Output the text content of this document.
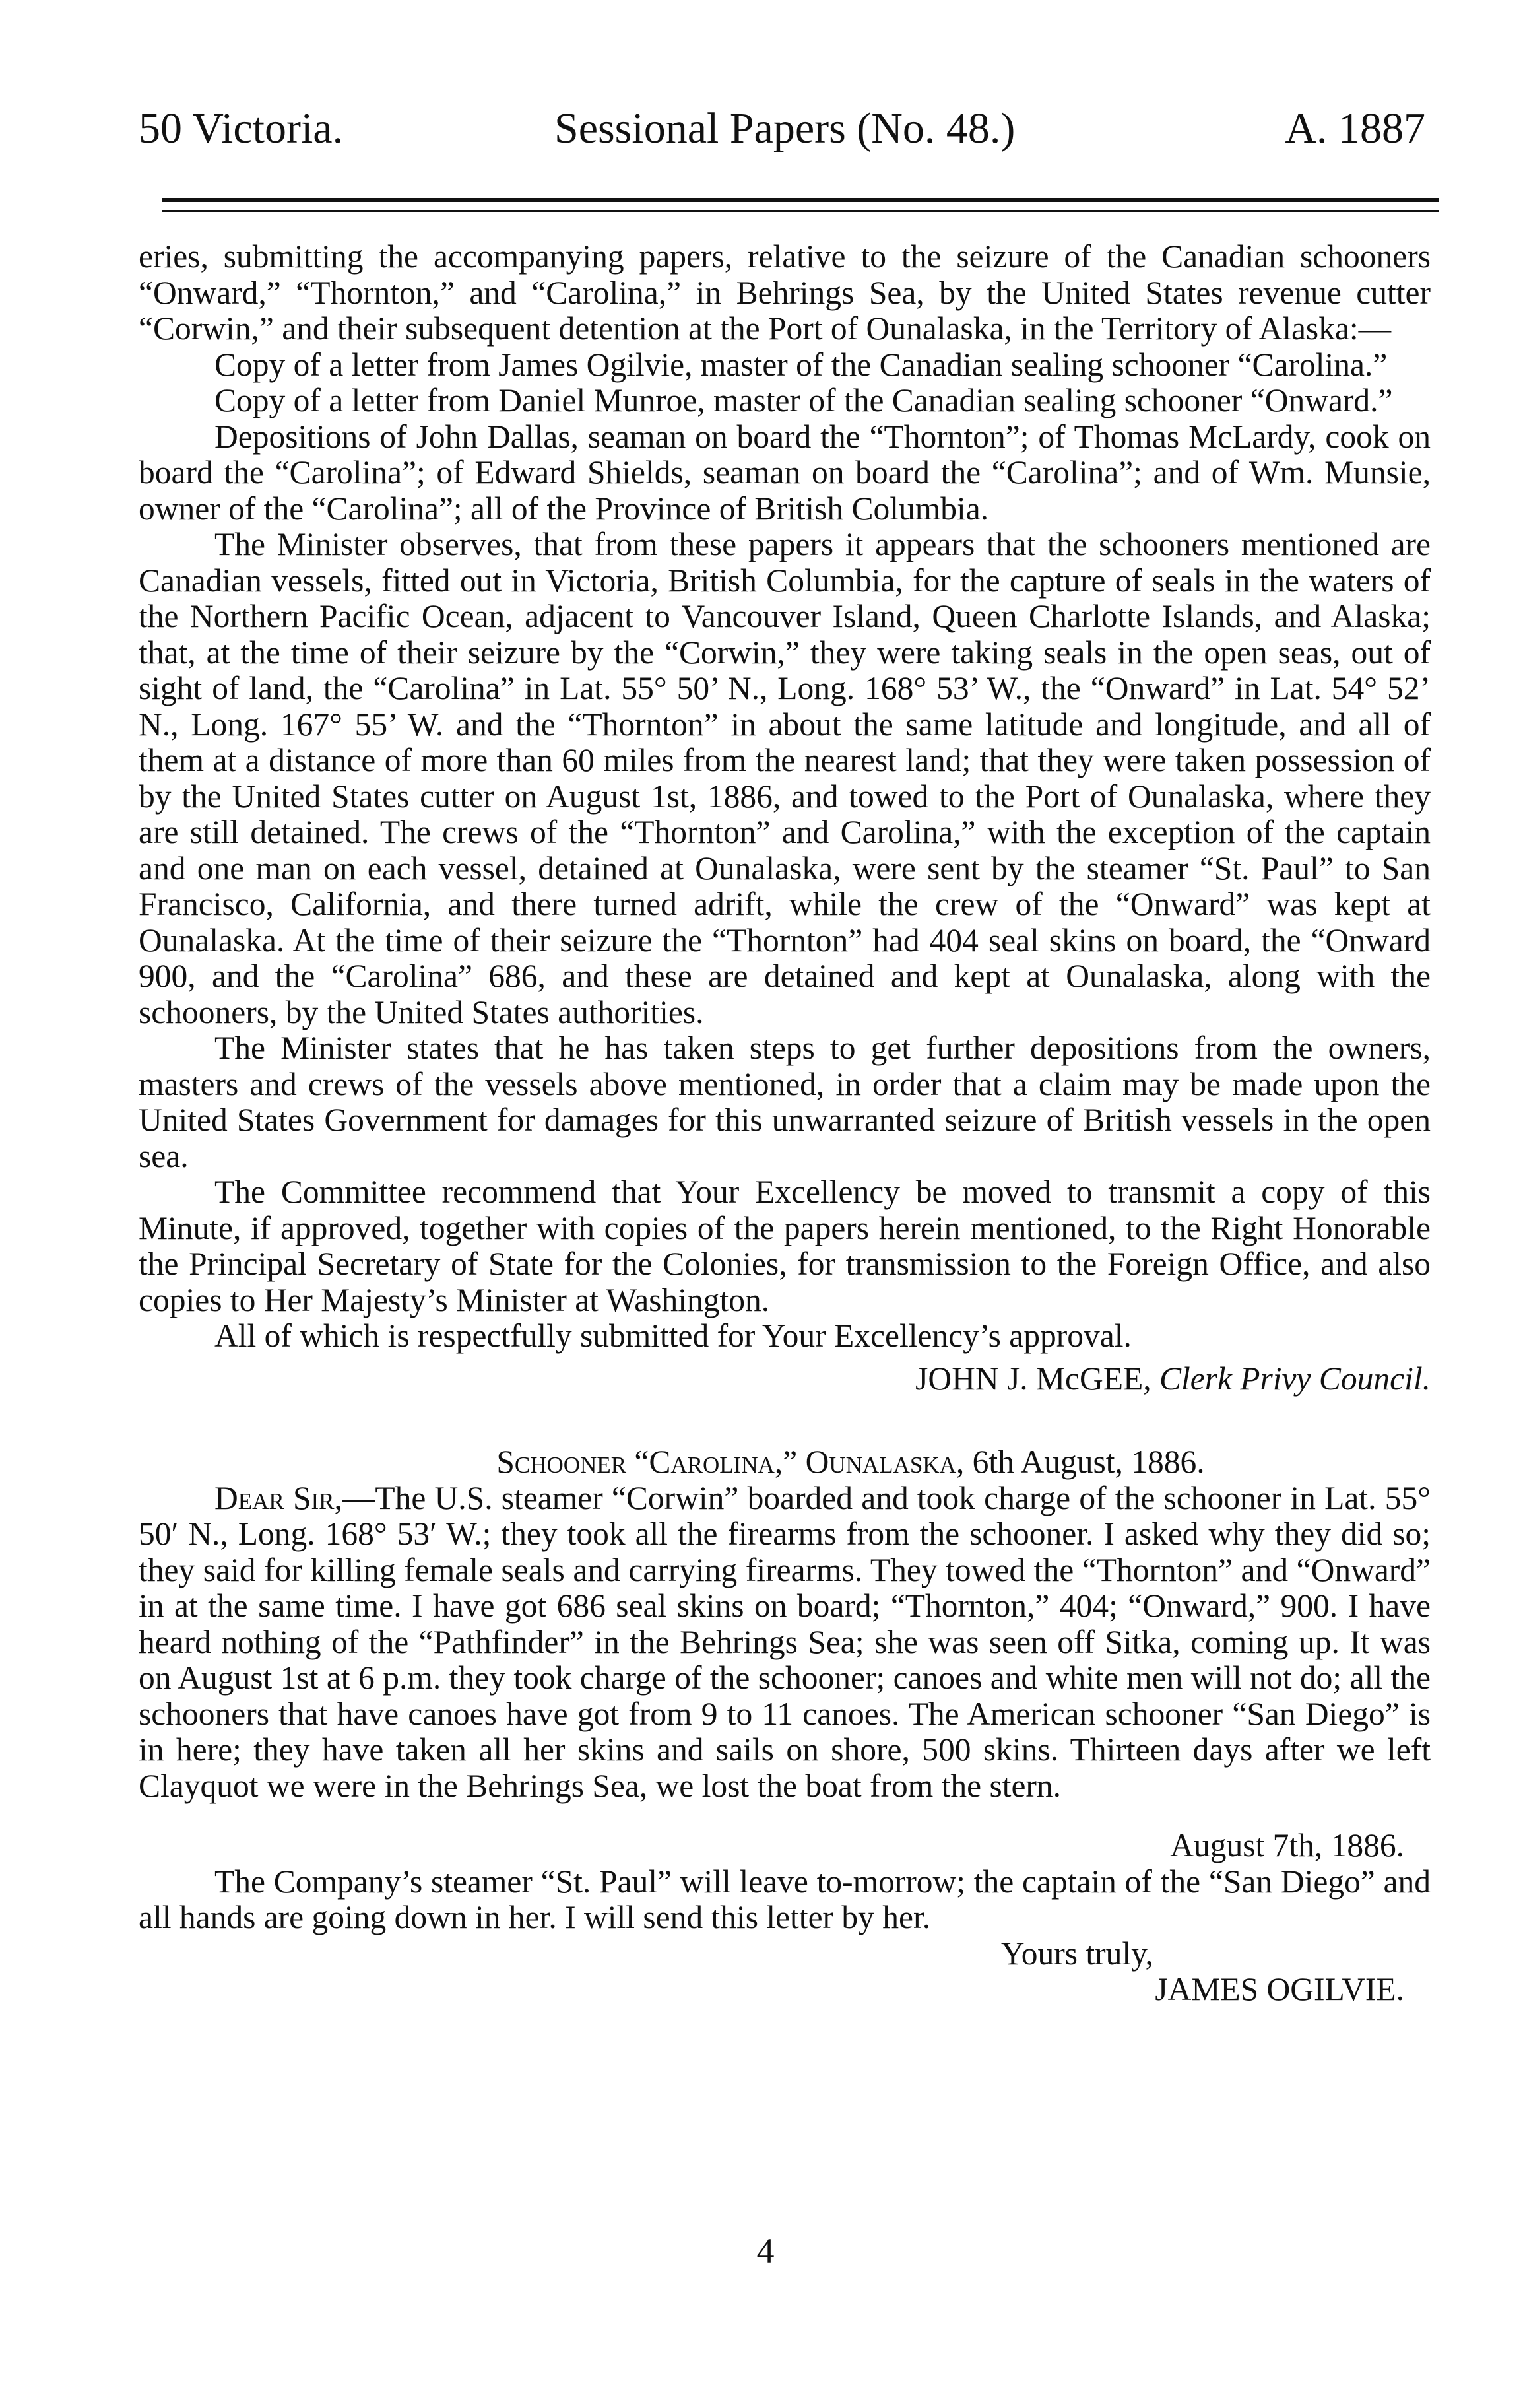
50 Victoria.	Sessional Papers (No. 48.)	A. 1887

eries, submitting the accompanying papers, relative to the seizure of the Canadian schooners “Onward,” “Thornton,” and “Carolina,” in Behrings Sea, by the United States revenue cutter “Corwin,” and their subsequent detention at the Port of Ounalaska, in the Territory of Alaska:—

Copy of a letter from James Ogilvie, master of the Canadian sealing schooner “Carolina.”

Copy of a letter from Daniel Munroe, master of the Canadian sealing schooner “Onward.”

Depositions of John Dallas, seaman on board the “Thornton”; of Thomas McLardy, cook on board the “Carolina”; of Edward Shields, seaman on board the “Carolina”; and of Wm. Munsie, owner of the “Carolina”; all of the Province of British Columbia.

The Minister observes, that from these papers it appears that the schooners mentioned are Canadian vessels, fitted out in Victoria, British Columbia, for the capture of seals in the waters of the Northern Pacific Ocean, adjacent to Vancouver Island, Queen Charlotte Islands, and Alaska; that, at the time of their seizure by the “Corwin,” they were taking seals in the open seas, out of sight of land, the “Carolina” in Lat. 55° 50’ N., Long. 168° 53’ W., the “Onward” in Lat. 54° 52’ N., Long. 167° 55’ W. and the “Thornton” in about the same latitude and longitude, and all of them at a distance of more than 60 miles from the nearest land; that they were taken possession of by the United States cutter on August 1st, 1886, and towed to the Port of Ounalaska, where they are still detained. The crews of the “Thornton” and Carolina,” with the exception of the captain and one man on each vessel, detained at Ounalaska, were sent by the steamer “St. Paul” to San Francisco, California, and there turned adrift, while the crew of the “Onward” was kept at Ounalaska. At the time of their seizure the “Thornton” had 404 seal skins on board, the “Onward 900, and the “Carolina” 686, and these are detained and kept at Ounalaska, along with the schooners, by the United States authorities.

The Minister states that he has taken steps to get further depositions from the owners, masters and crews of the vessels above mentioned, in order that a claim may be made upon the United States Government for damages for this unwarranted seizure of British vessels in the open sea.

The Committee recommend that Your Excellency be moved to transmit a copy of this Minute, if approved, together with copies of the papers herein mentioned, to the Right Honorable the Principal Secretary of State for the Colonies, for transmission to the Foreign Office, and also copies to Her Majesty’s Minister at Washington.

All of which is respectfully submitted for Your Excellency’s approval.

JOHN J. McGEE, Clerk Privy Council.

Schooner “Carolina,” Ounalaska, 6th August, 1886.

Dear Sir,—The U.S. steamer “Corwin” boarded and took charge of the schooner in Lat. 55° 50′ N., Long. 168° 53′ W.; they took all the firearms from the schooner. I asked why they did so; they said for killing female seals and carrying firearms. They towed the “Thornton” and “Onward” in at the same time. I have got 686 seal skins on board; “Thornton,” 404; “Onward,” 900. I have heard nothing of the “Pathfinder” in the Behrings Sea; she was seen off Sitka, coming up. It was on August 1st at 6 p.m. they took charge of the schooner; canoes and white men will not do; all the schooners that have canoes have got from 9 to 11 canoes. The American schooner “San Diego” is in here; they have taken all her skins and sails on shore, 500 skins. Thirteen days after we left Clayquot we were in the Behrings Sea, we lost the boat from the stern.

August 7th, 1886.

The Company’s steamer “St. Paul” will leave to-morrow; the captain of the “San Diego” and all hands are going down in her. I will send this letter by her.

Yours truly,

JAMES OGILVIE.

4
